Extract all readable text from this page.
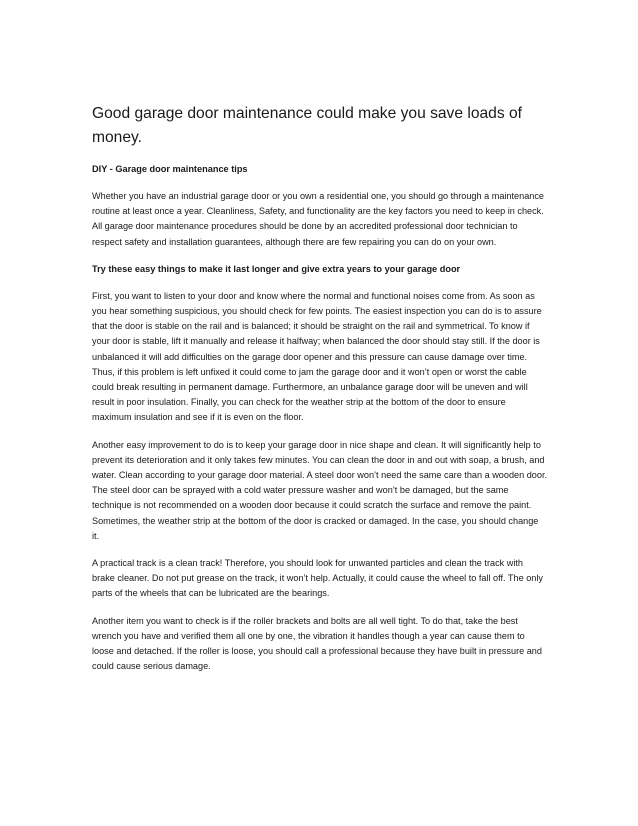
Good garage door maintenance could make you save loads of money.

DIY - Garage door maintenance tips

Whether you have an industrial garage door or you own a residential one, you should go through a maintenance routine at least once a year. Cleanliness, Safety, and functionality are the key factors you need to keep in check. All garage door maintenance procedures should be done by an accredited professional door technician to respect safety and installation guarantees, although there are few repairing you can do on your own.

Try these easy things to make it last longer and give extra years to your garage door

First, you want to listen to your door and know where the normal and functional noises come from. As soon as you hear something suspicious, you should check for few points. The easiest inspection you can do is to assure that the door is stable on the rail and is balanced; it should be straight on the rail and symmetrical. To know if your door is stable, lift it manually and release it halfway; when balanced the door should stay still. If the door is unbalanced it will add difficulties on the garage door opener and this pressure can cause damage over time. Thus, if this problem is left unfixed it could come to jam the garage door and it won’t open or worst the cable could break resulting in permanent damage. Furthermore, an unbalance garage door will be uneven and will result in poor insulation. Finally, you can check for the weather strip at the bottom of the door to ensure maximum insulation and see if it is even on the floor.

Another easy improvement to do is to keep your garage door in nice shape and clean. It will significantly help to prevent its deterioration and it only takes few minutes. You can clean the door in and out with soap, a brush, and water. Clean according to your garage door material. A steel door won’t need the same care than a wooden door. The steel door can be sprayed with a cold water pressure washer and won’t be damaged, but the same technique is not recommended on a wooden door because it could scratch the surface and remove the paint. Sometimes, the weather strip at the bottom of the door is cracked or damaged. In the case, you should change it.

A practical track is a clean track! Therefore, you should look for unwanted particles and clean the track with brake cleaner. Do not put grease on the track, it won’t help. Actually, it could cause the wheel to fall off. The only parts of the wheels that can be lubricated are the bearings.

Another item you want to check is if the roller brackets and bolts are all well tight. To do that, take the best wrench you have and verified them all one by one, the vibration it handles though a year can cause them to loose and detached. If the roller is loose, you should call a professional because they have built in pressure and could cause serious damage.
